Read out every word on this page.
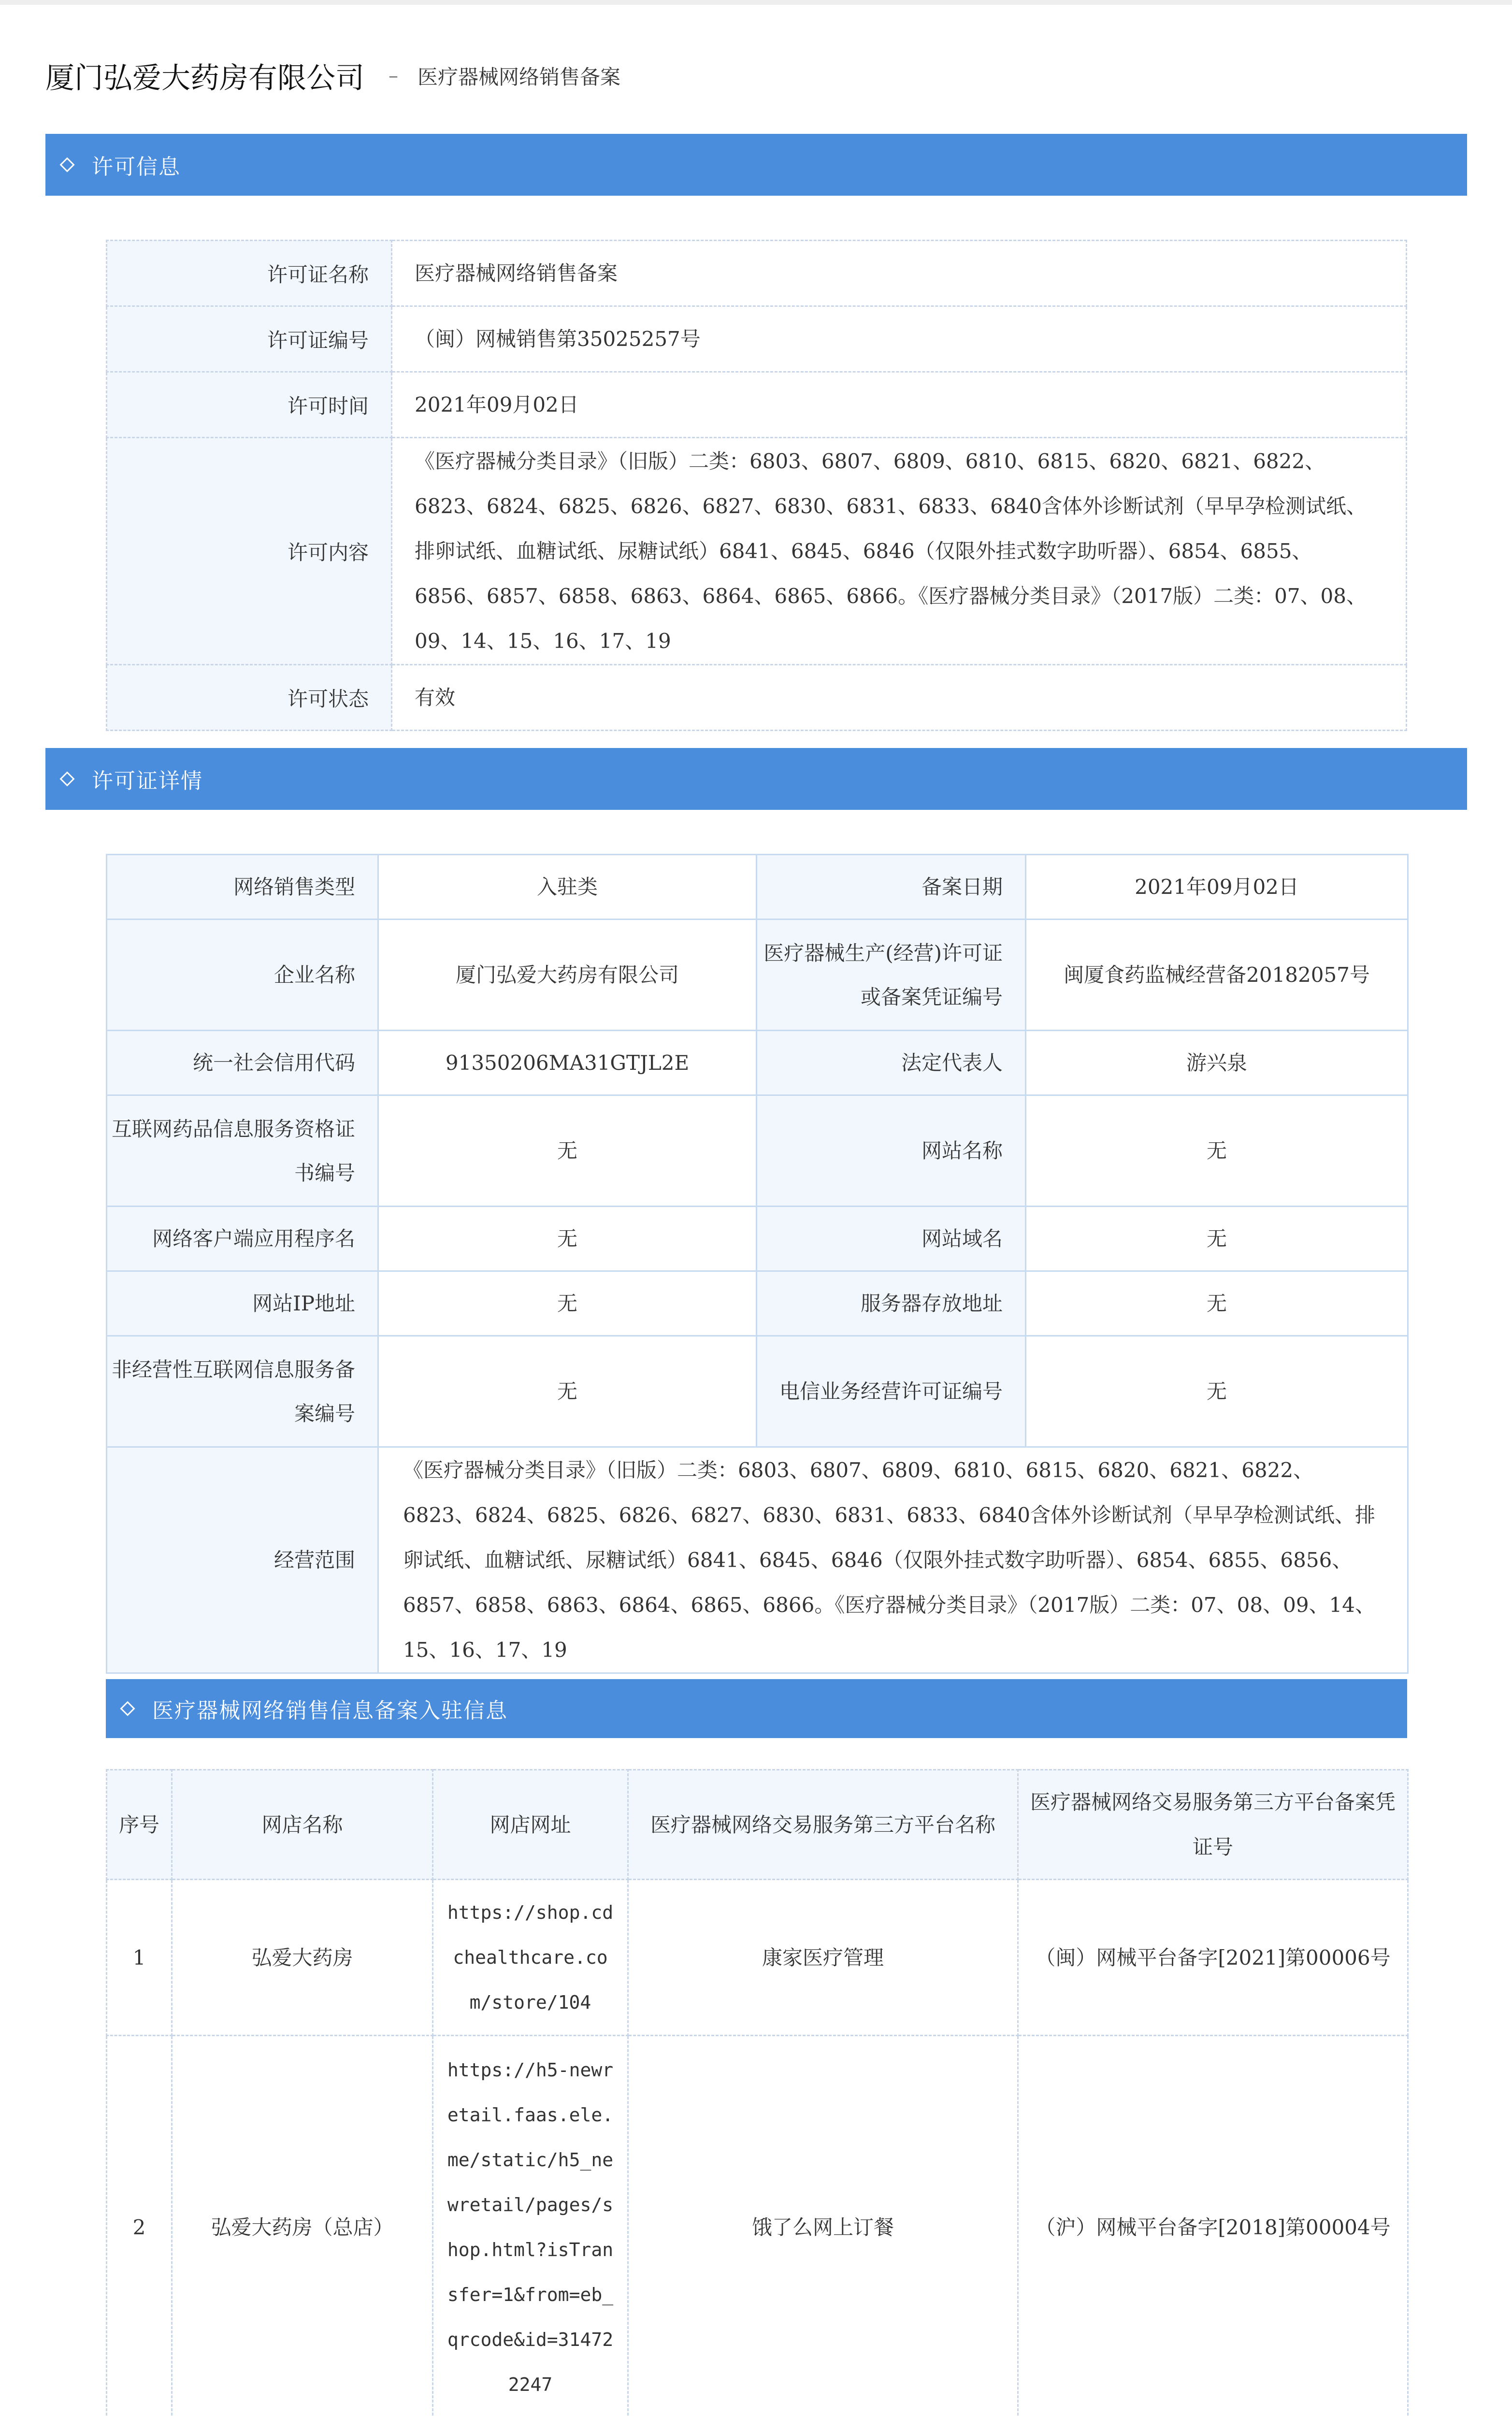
厦门弘爱大药房有限公司 – 医疗器械网络销售备案
许可信息
许可证名称	医疗器械网络销售备案
许可证编号	（闽）网械销售第35025257号
许可时间	2021年09月02日
许可内容	《医疗器械分类目录》（旧版）二类：6803、6807、6809、6810、6815、6820、6821、6822、6823、6824、6825、6826、6827、6830、6831、6833、6840含体外诊断试剂（早早孕检测试纸、排卵试纸、血糖试纸、尿糖试纸）6841、6845、6846（仅限外挂式数字助听器）、6854、6855、6856、6857、6858、6863、6864、6865、6866。《医疗器械分类目录》（2017版）二类：07、08、09、14、15、16、17、19
许可状态	有效
许可证详情
网络销售类型	入驻类	备案日期	2021年09月02日
企业名称	厦门弘爱大药房有限公司	医疗器械生产(经营)许可证或备案凭证编号	闽厦食药监械经营备20182057号
统一社会信用代码	91350206MA31GTJL2E	法定代表人	游兴泉
互联网药品信息服务资格证书编号	无	网站名称	无
网络客户端应用程序名	无	网站域名	无
网站IP地址	无	服务器存放地址	无
非经营性互联网信息服务备案编号	无	电信业务经营许可证编号	无
经营范围	《医疗器械分类目录》（旧版）二类：6803、6807、6809、6810、6815、6820、6821、6822、6823、6824、6825、6826、6827、6830、6831、6833、6840含体外诊断试剂（早早孕检测试纸、排卵试纸、血糖试纸、尿糖试纸）6841、6845、6846（仅限外挂式数字助听器）、6854、6855、6856、6857、6858、6863、6864、6865、6866。《医疗器械分类目录》（2017版）二类：07、08、09、14、15、16、17、19		
医疗器械网络销售信息备案入驻信息
序号	网店名称	网店网址	医疗器械网络交易服务第三方平台名称	医疗器械网络交易服务第三方平台备案凭证号
1	弘爱大药房	https://shop.cdchealthcare.com/store/104	康家医疗管理	（闽）网械平台备字[2021]第00006号
2	弘爱大药房（总店）	https://h5-newretail.faas.ele.me/static/h5_newretail/pages/shop.html?isTransfer=1&from=eb_qrcode&id=314722247	饿了么网上订餐	（沪）网械平台备字[2018]第00004号
